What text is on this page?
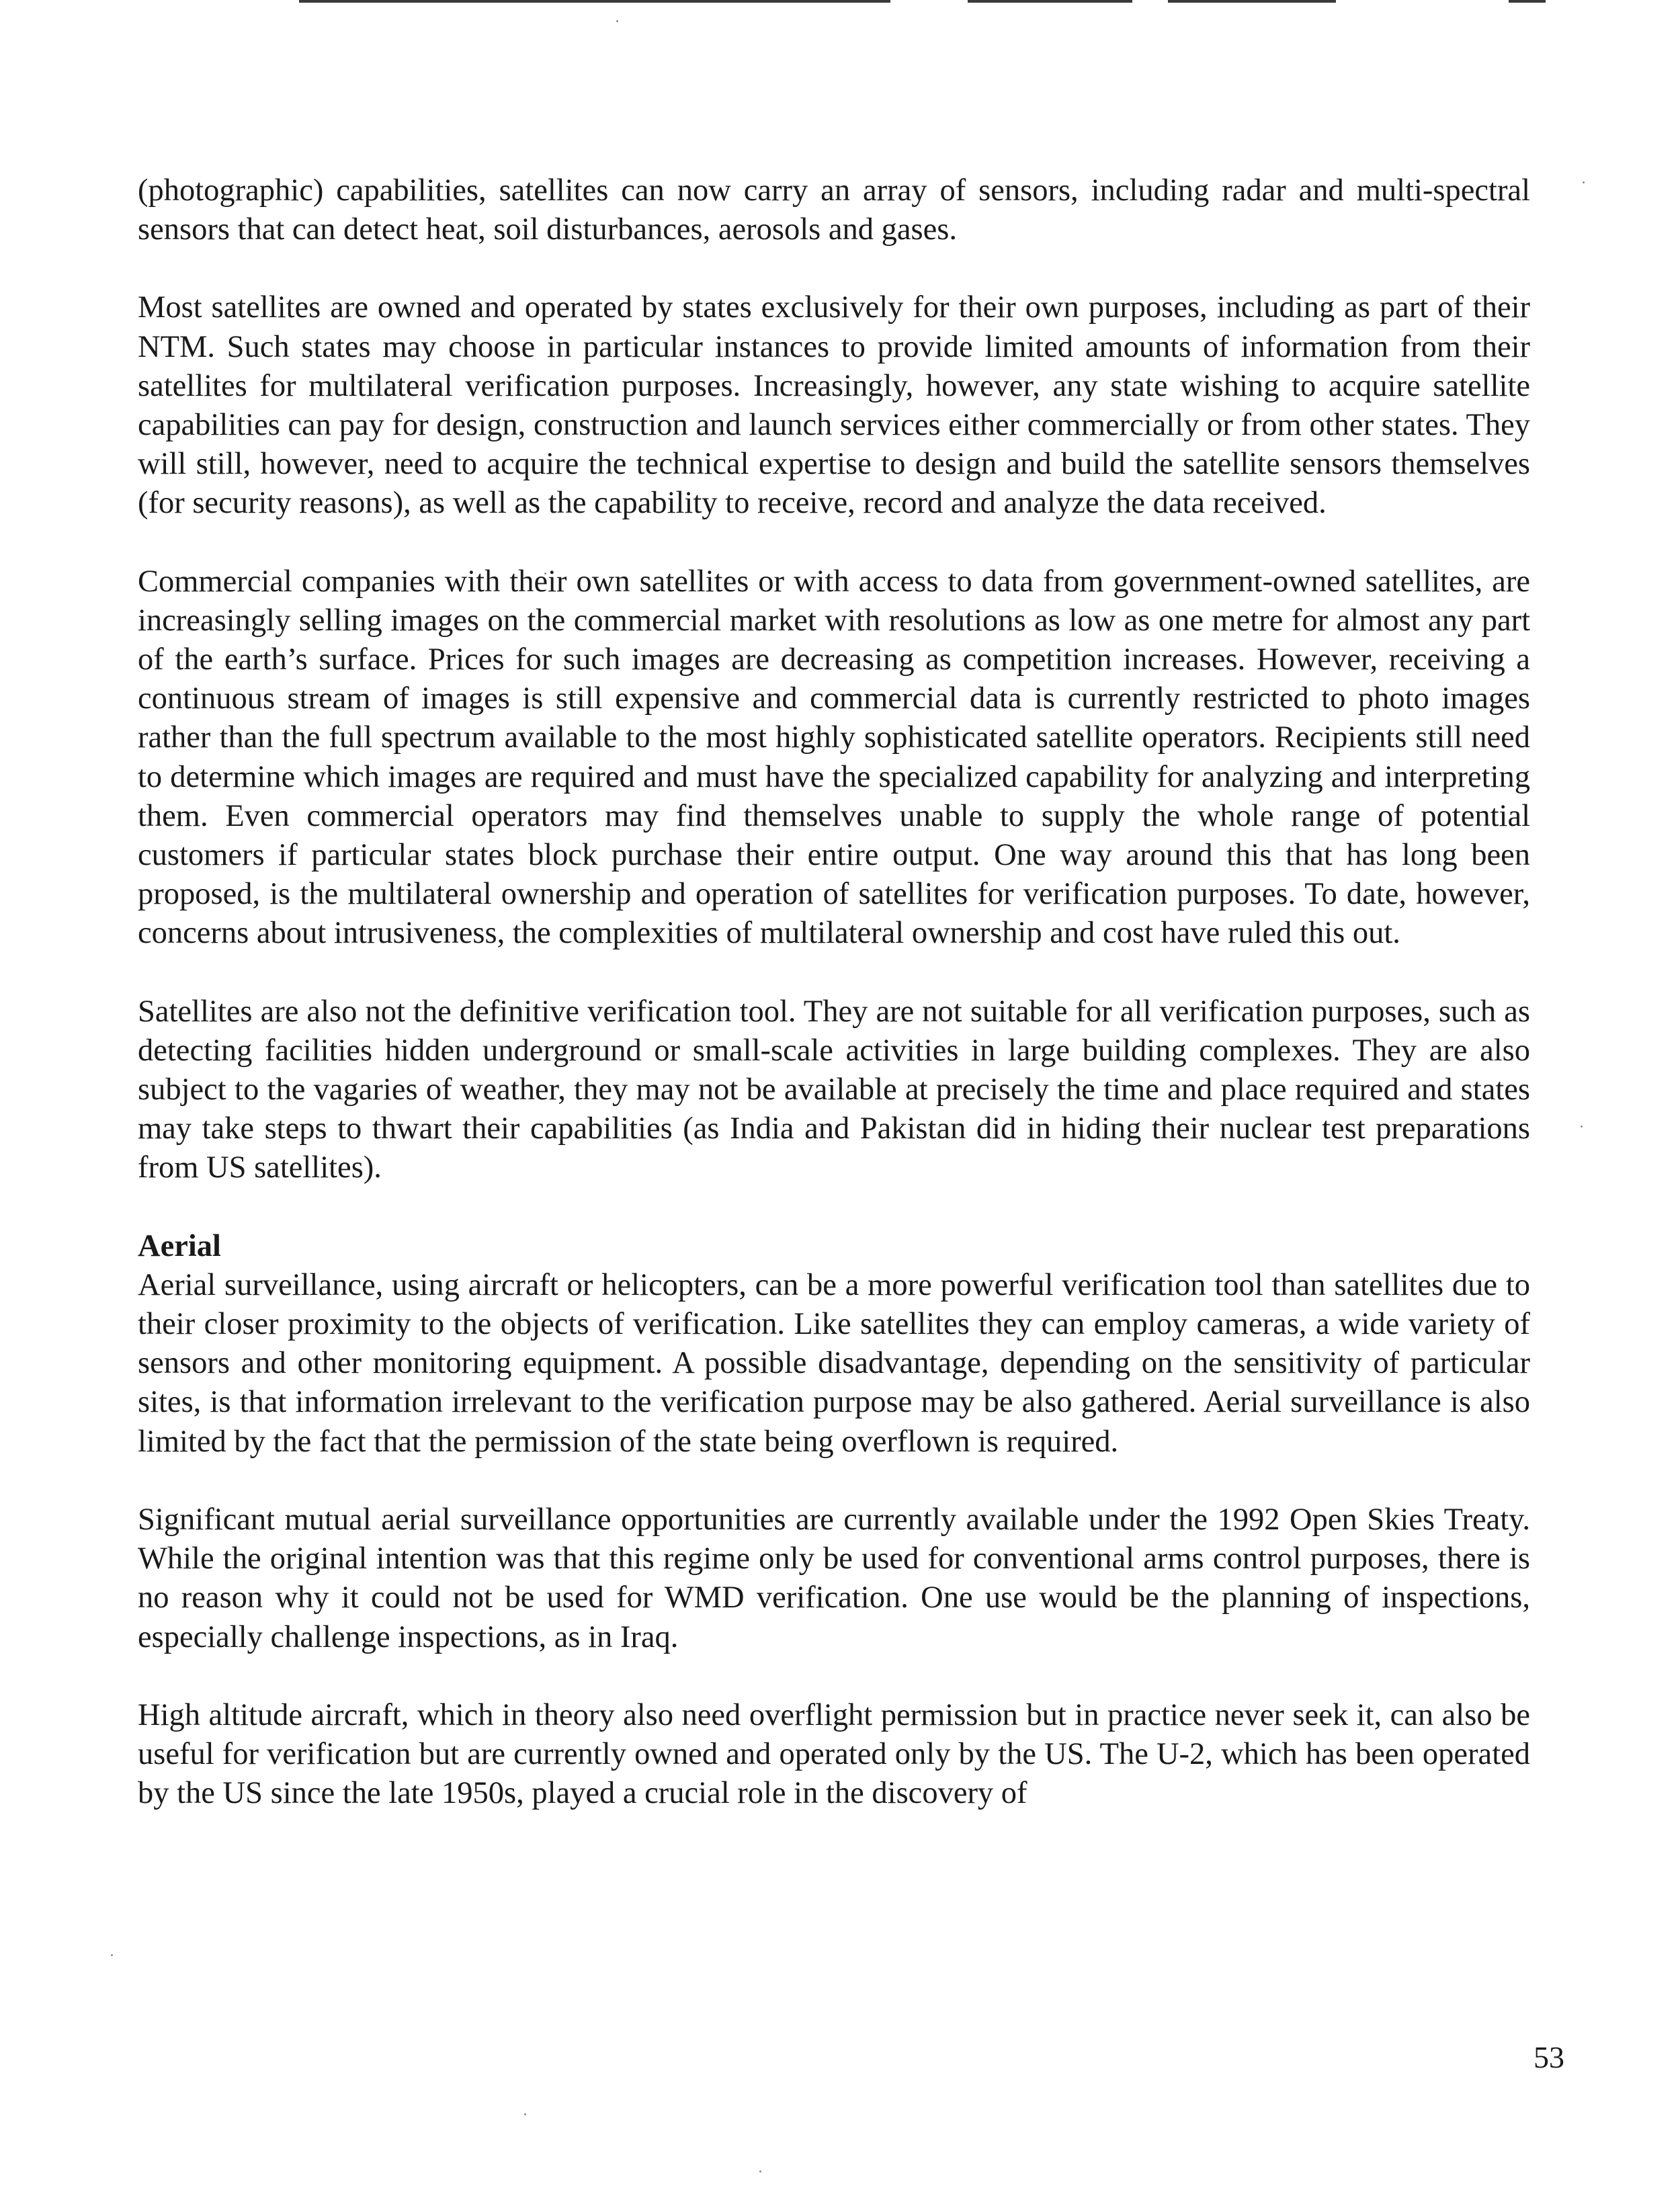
(photographic) capabilities, satellites can now carry an array of sensors, including radar and multi-spectral sensors that can detect heat, soil disturbances, aerosols and gases.

Most satellites are owned and operated by states exclusively for their own purposes, including as part of their NTM. Such states may choose in particular instances to provide limited amounts of information from their satellites for multilateral verification purposes. Increasingly, however, any state wishing to acquire satellite capabilities can pay for design, construction and launch services either commercially or from other states. They will still, however, need to acquire the technical expertise to design and build the satellite sensors themselves (for security reasons), as well as the capability to receive, record and analyze the data received.

Commercial companies with their own satellites or with access to data from government-owned satellites, are increasingly selling images on the commercial market with resolutions as low as one metre for almost any part of the earth’s surface. Prices for such images are decreasing as competition increases. However, receiving a continuous stream of images is still expensive and commercial data is currently restricted to photo images rather than the full spectrum available to the most highly sophisticated satellite operators. Recipients still need to determine which images are required and must have the specialized capability for analyzing and interpreting them. Even commercial operators may find themselves unable to supply the whole range of potential customers if particular states block purchase their entire output. One way around this that has long been proposed, is the multilateral ownership and operation of satellites for verification purposes. To date, however, concerns about intrusiveness, the complexities of multilateral ownership and cost have ruled this out.

Satellites are also not the definitive verification tool. They are not suitable for all verification purposes, such as detecting facilities hidden underground or small-scale activities in large building complexes. They are also subject to the vagaries of weather, they may not be available at precisely the time and place required and states may take steps to thwart their capabilities (as India and Pakistan did in hiding their nuclear test preparations from US satellites).

Aerial

Aerial surveillance, using aircraft or helicopters, can be a more powerful verification tool than satellites due to their closer proximity to the objects of verification. Like satellites they can employ cameras, a wide variety of sensors and other monitoring equipment. A possible disadvantage, depending on the sensitivity of particular sites, is that information irrelevant to the verification purpose may be also gathered. Aerial surveillance is also limited by the fact that the permission of the state being overflown is required.

Significant mutual aerial surveillance opportunities are currently available under the 1992 Open Skies Treaty. While the original intention was that this regime only be used for conventional arms control purposes, there is no reason why it could not be used for WMD verification. One use would be the planning of inspections, especially challenge inspections, as in Iraq.

High altitude aircraft, which in theory also need overflight permission but in practice never seek it, can also be useful for verification but are currently owned and operated only by the US. The U-2, which has been operated by the US since the late 1950s, played a crucial role in the discovery of

53
